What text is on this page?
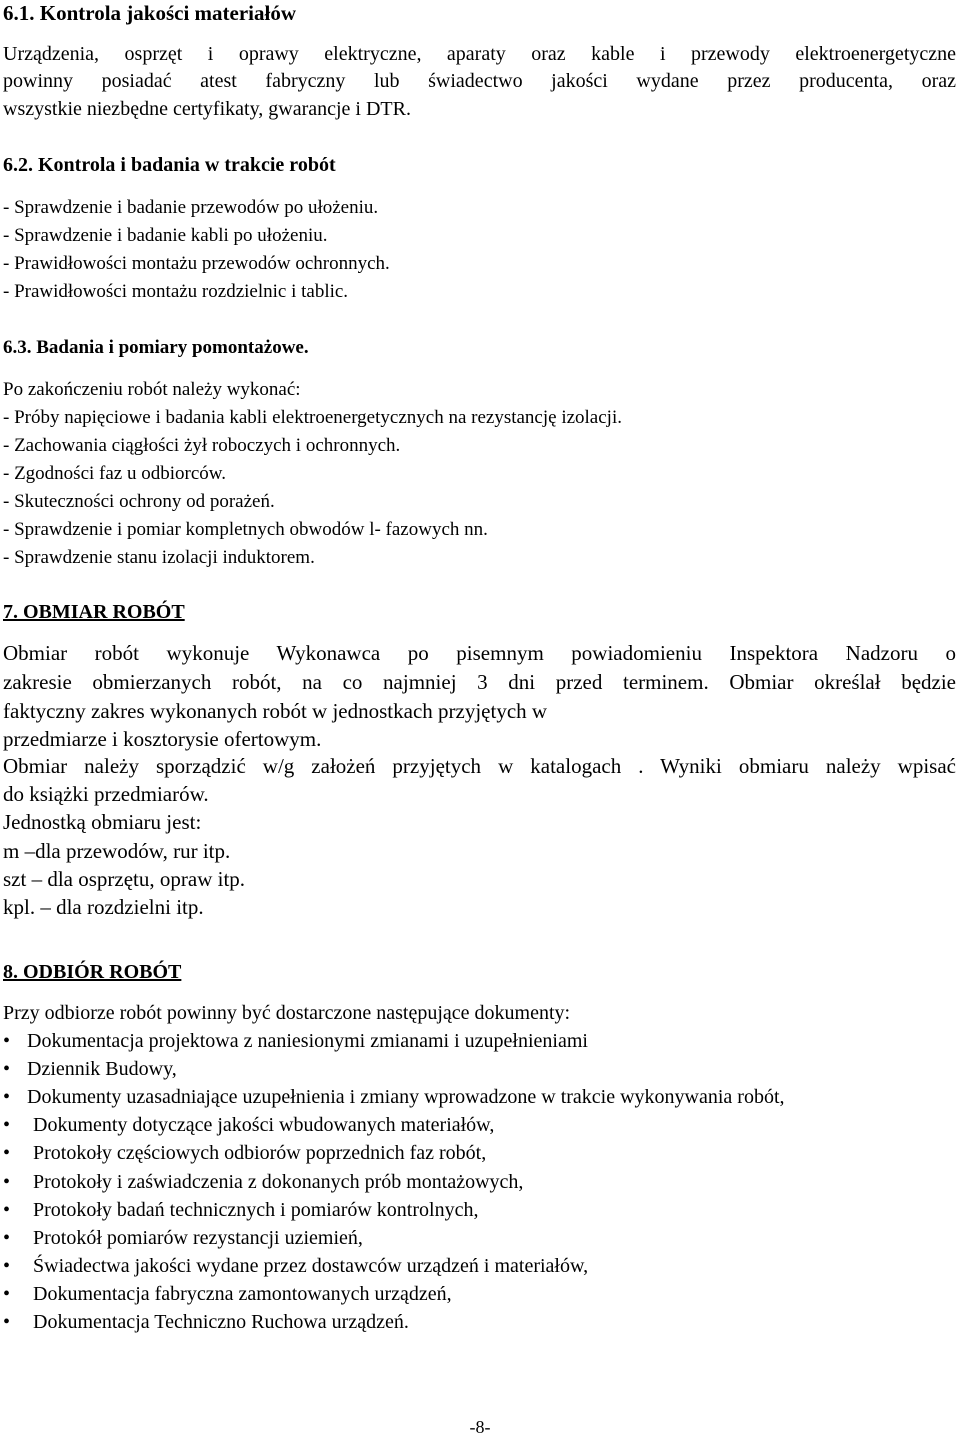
6.1. Kontrola jakości materiałów
Urządzenia, osprzęt i oprawy elektryczne, aparaty oraz kable i przewody elektroenergetyczne
powinny posiadać atest fabryczny lub świadectwo jakości wydane przez producenta, oraz
wszystkie niezbędne certyfikaty, gwarancje i DTR.
6.2. Kontrola i badania w trakcie robót
- Sprawdzenie i badanie przewodów po ułożeniu.
- Sprawdzenie i badanie kabli po ułożeniu.
- Prawidłowości montażu przewodów ochronnych.
- Prawidłowości montażu rozdzielnic i tablic.
6.3. Badania i pomiary pomontażowe.
Po zakończeniu robót należy wykonać:
- Próby napięciowe i badania kabli elektroenergetycznych na rezystancję izolacji.
- Zachowania ciągłości żył roboczych i ochronnych.
- Zgodności faz u odbiorców.
- Skuteczności ochrony od porażeń.
- Sprawdzenie i pomiar kompletnych obwodów l- fazowych nn.
- Sprawdzenie stanu izolacji induktorem.
7. OBMIAR ROBÓT
Obmiar robót wykonuje Wykonawca po pisemnym powiadomieniu Inspektora Nadzoru o
zakresie obmierzanych robót, na co najmniej 3 dni przed terminem. Obmiar określał będzie
faktyczny zakres wykonanych robót w jednostkach przyjętych w
przedmiarze i kosztorysie ofertowym.
Obmiar należy sporządzić w/g założeń przyjętych w katalogach . Wyniki obmiaru należy wpisać
do książki przedmiarów.
Jednostką obmiaru jest:
m –dla przewodów, rur itp.
szt – dla osprzętu, opraw itp.
kpl. – dla rozdzielni itp.
8. ODBIÓR ROBÓT
Przy odbiorze robót powinny być dostarczone następujące dokumenty:
• Dokumentacja projektowa z naniesionymi zmianami i uzupełnieniami
• Dziennik Budowy,
• Dokumenty uzasadniające uzupełnienia i zmiany wprowadzone w trakcie wykonywania robót,
• Dokumenty dotyczące jakości wbudowanych materiałów,
• Protokoły częściowych odbiorów poprzednich faz robót,
• Protokoły i zaświadczenia z dokonanych prób montażowych,
• Protokoły badań technicznych i pomiarów kontrolnych,
• Protokół pomiarów rezystancji uziemień,
• Świadectwa jakości wydane przez dostawców urządzeń i materiałów,
• Dokumentacja fabryczna zamontowanych urządzeń,
• Dokumentacja Techniczno Ruchowa urządzeń.
-8-
